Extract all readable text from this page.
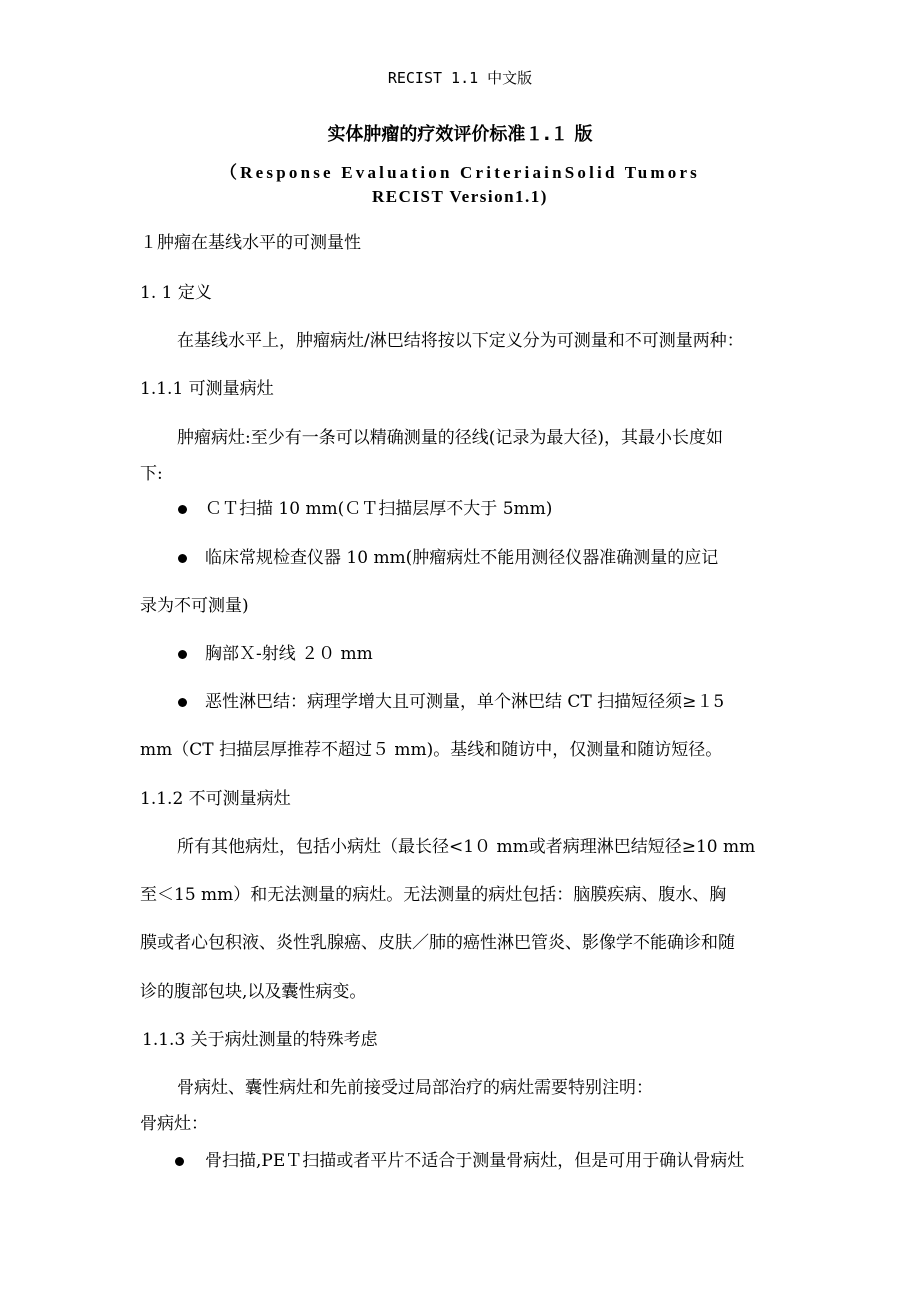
RECIST 1.1 中文版
实体肿瘤的疗效评价标准１.１ 版
（Response Evaluation CriteriainSolid Tumors
RECIST Version1.1)
１肿瘤在基线水平的可测量性
1. 1 定义
在基线水平上，肿瘤病灶/淋巴结将按以下定义分为可测量和不可测量两种：
1.1.1 可测量病灶
肿瘤病灶:至少有一条可以精确测量的径线(记录为最大径)，其最小长度如
下:
ＣＴ扫描 10 mm(ＣＴ扫描层厚不大于 5mm)
临床常规检查仪器 10 mm(肿瘤病灶不能用测径仪器准确测量的应记
录为不可测量)
胸部Ｘ-射线 ２０ mm
恶性淋巴结：病理学增大且可测量，单个淋巴结 CT 扫描短径须≥１5
mm（CT 扫描层厚推荐不超过５ mm)。基线和随访中，仅测量和随访短径。
1.1.2 不可测量病灶
所有其他病灶，包括小病灶（最长径<1０ mm或者病理淋巴结短径≥10 mm
至＜15 mm）和无法测量的病灶。无法测量的病灶包括：脑膜疾病、腹水、胸
膜或者心包积液、炎性乳腺癌、皮肤／肺的癌性淋巴管炎、影像学不能确诊和随
诊的腹部包块,以及囊性病变。
1.1.3 关于病灶测量的特殊考虑
骨病灶、囊性病灶和先前接受过局部治疗的病灶需要特别注明：
骨病灶：
骨扫描,PEＴ扫描或者平片不适合于测量骨病灶，但是可用于确认骨病灶
